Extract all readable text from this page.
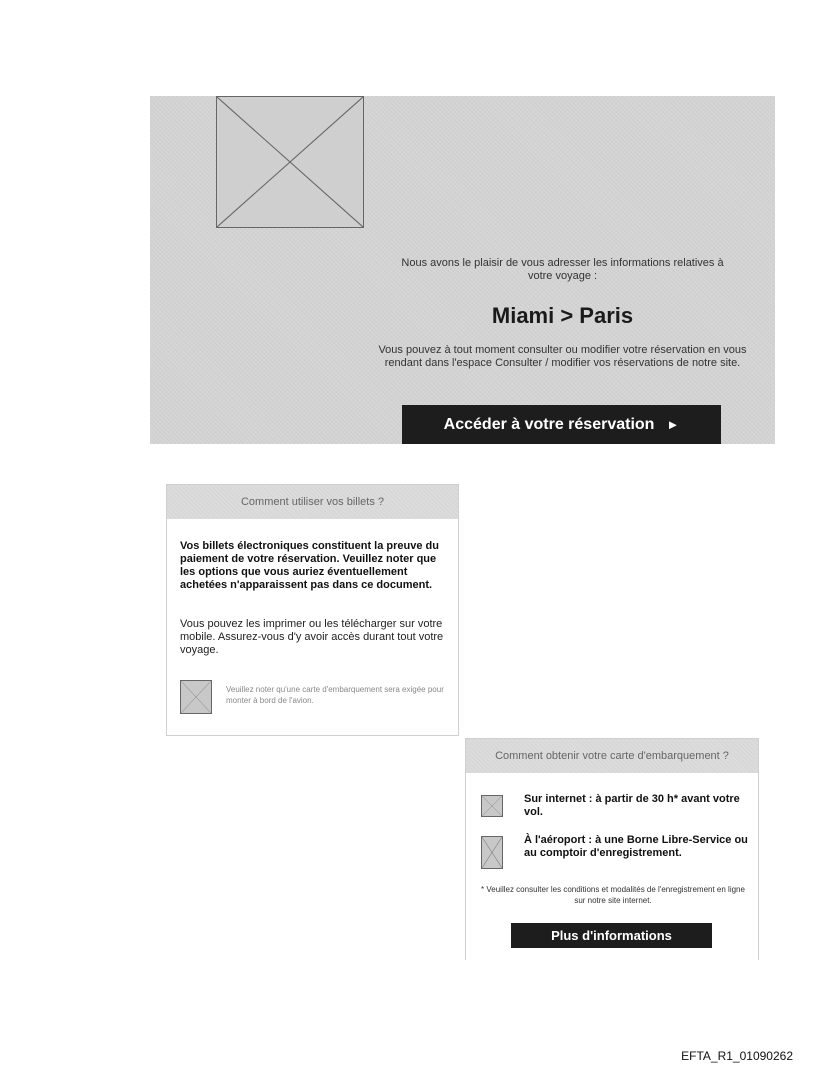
Nous avons le plaisir de vous adresser les informations relatives à votre voyage :
Miami > Paris
Vous pouvez à tout moment consulter ou modifier votre réservation en vous rendant dans l'espace Consulter / modifier vos réservations de notre site.
Accéder à votre réservation ►
Comment utiliser vos billets ?
Vos billets électroniques constituent la preuve du paiement de votre réservation. Veuillez noter que les options que vous auriez éventuellement achetées n'apparaissent pas dans ce document.
Vous pouvez les imprimer ou les télécharger sur votre mobile. Assurez-vous d'y avoir accès durant tout votre voyage.
Veuillez noter qu'une carte d'embarquement sera exigée pour monter à bord de l'avion.
Comment obtenir votre carte d'embarquement ?
Sur internet : à partir de 30 h* avant votre vol.
À l'aéroport : à une Borne Libre-Service ou au comptoir d'enregistrement.
* Veuillez consulter les conditions et modalités de l'enregistrement en ligne sur notre site internet.
Plus d'informations
EFTA_R1_01090262
